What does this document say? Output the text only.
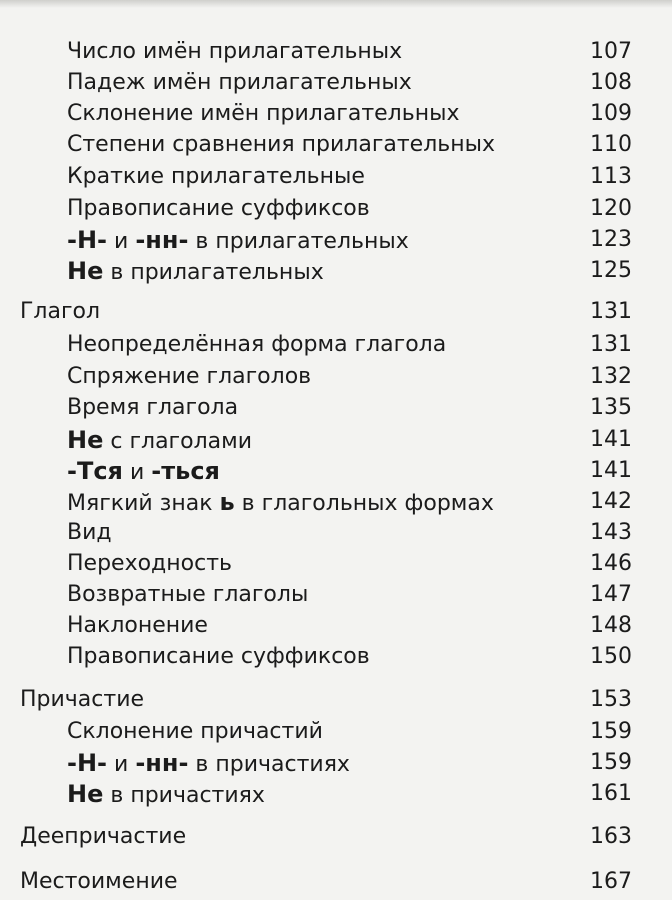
Число имён прилагательных	107
Падеж имён прилагательных	108
Склонение имён прилагательных	109
Степени сравнения прилагательных	110
Краткие прилагательные	113
Правописание суффиксов	120
-Н- и -нн- в прилагательных	123
Не в прилагательных	125
Глагол	131
Неопределённая форма глагола	131
Спряжение глаголов	132
Время глагола	135
Не с глаголами	141
-Тся и -ться	141
Мягкий знак ь в глагольных формах	142
Вид	143
Переходность	146
Возвратные глаголы	147
Наклонение	148
Правописание суффиксов	150
Причастие	153
Склонение причастий	159
-Н- и -нн- в причастиях	159
Не в причастиях	161
Деепричастие	163
Местоимение	167
